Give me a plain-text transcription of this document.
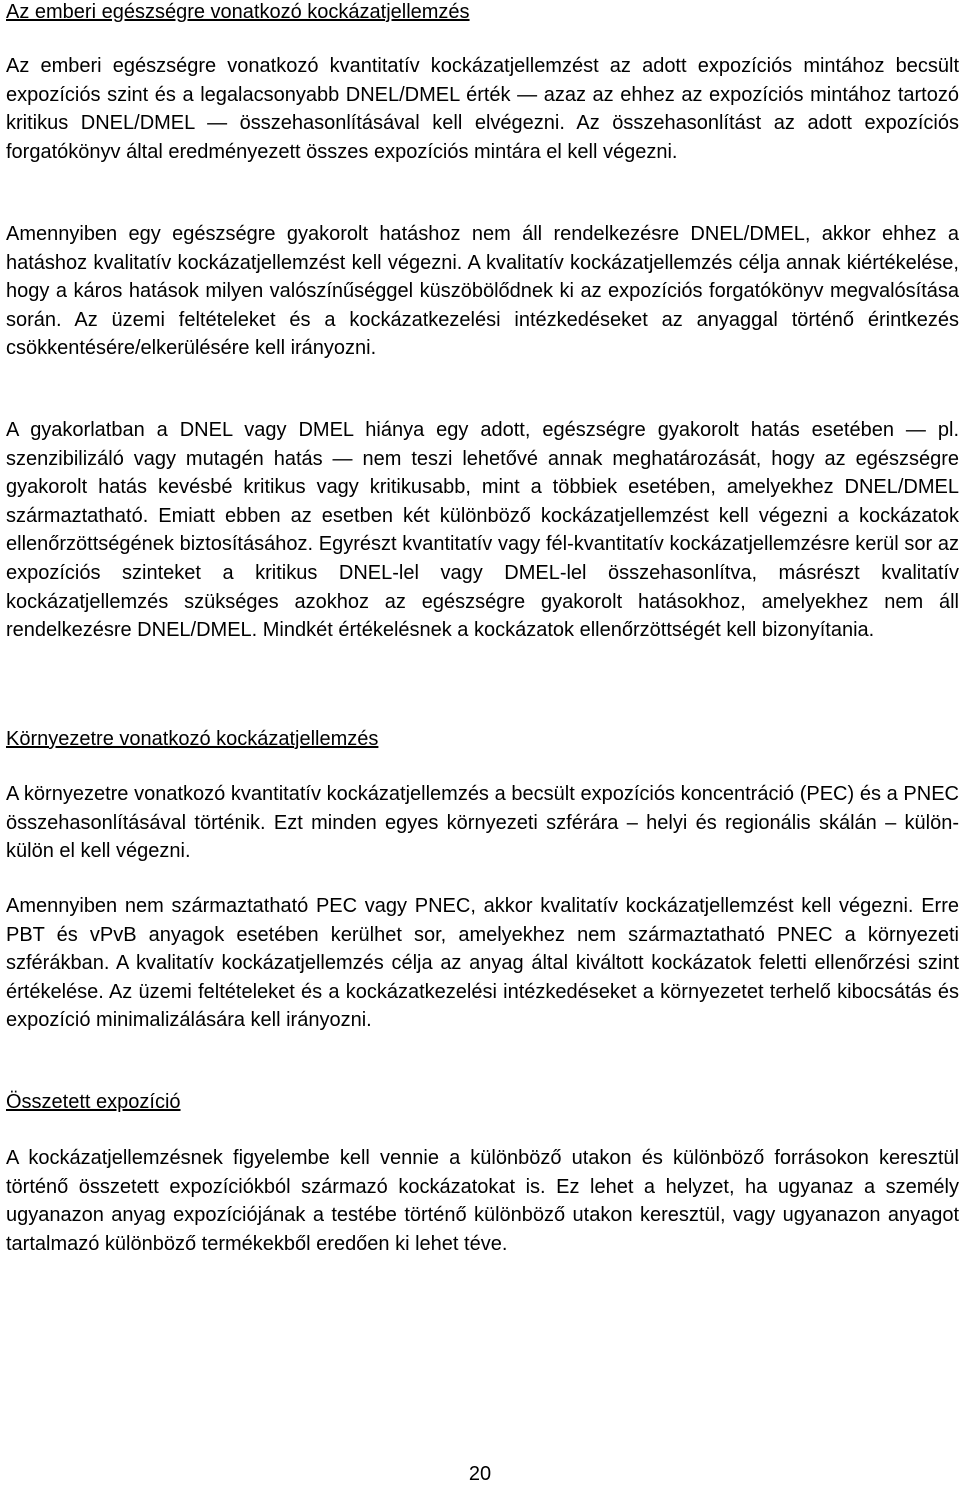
Az emberi egészségre vonatkozó kockázatjellemzés

Az emberi egészségre vonatkozó kvantitatív kockázatjellemzést az adott expozíciós mintához becsült expozíciós szint és a legalacsonyabb DNEL/DMEL érték — azaz az ehhez az expozíciós mintához tartozó kritikus DNEL/DMEL — összehasonlításával kell elvégezni. Az összehasonlítást az adott expozíciós forgatókönyv által eredményezett összes expozíciós mintára el kell végezni.

Amennyiben egy egészségre gyakorolt hatáshoz nem áll rendelkezésre DNEL/DMEL, akkor ehhez a hatáshoz kvalitatív kockázatjellemzést kell végezni. A kvalitatív kockázatjellemzés célja annak kiértékelése, hogy a káros hatások milyen valószínűséggel küszöbölődnek ki az expozíciós forgatókönyv megvalósítása során. Az üzemi feltételeket és a kockázatkezelési intézkedéseket az anyaggal történő érintkezés csökkentésére/elkerülésére kell irányozni.

A gyakorlatban a DNEL vagy DMEL hiánya egy adott, egészségre gyakorolt hatás esetében — pl. szenzibilizáló vagy mutagén hatás — nem teszi lehetővé annak meghatározását, hogy az egészségre gyakorolt hatás kevésbé kritikus vagy kritikusabb, mint a többiek esetében, amelyekhez DNEL/DMEL származtatható. Emiatt ebben az esetben két különböző kockázatjellemzést kell végezni a kockázatok ellenőrzöttségének biztosításához. Egyrészt kvantitatív vagy fél-kvantitatív kockázatjellemzésre kerül sor az expozíciós szinteket a kritikus DNEL-lel vagy DMEL-lel összehasonlítva, másrészt kvalitatív kockázatjellemzés szükséges azokhoz az egészségre gyakorolt hatásokhoz, amelyekhez nem áll rendelkezésre DNEL/DMEL. Mindkét értékelésnek a kockázatok ellenőrzöttségét kell bizonyítania.

Környezetre vonatkozó kockázatjellemzés

A környezetre vonatkozó kvantitatív kockázatjellemzés a becsült expozíciós koncentráció (PEC) és a PNEC összehasonlításával történik. Ezt minden egyes környezeti szférára – helyi és regionális skálán – külön-külön el kell végezni.

Amennyiben nem származtatható PEC vagy PNEC, akkor kvalitatív kockázatjellemzést kell végezni. Erre PBT és vPvB anyagok esetében kerülhet sor, amelyekhez nem származtatható PNEC a környezeti szférákban. A kvalitatív kockázatjellemzés célja az anyag által kiváltott kockázatok feletti ellenőrzési szint értékelése. Az üzemi feltételeket és a kockázatkezelési intézkedéseket a környezetet terhelő kibocsátás és expozíció minimalizálására kell irányozni.

Összetett expozíció

A kockázatjellemzésnek figyelembe kell vennie a különböző utakon és különböző forrásokon keresztül történő összetett expozíciókból származó kockázatokat is. Ez lehet a helyzet, ha ugyanaz a személy ugyanazon anyag expozíciójának a testébe történő különböző utakon keresztül, vagy ugyanazon anyagot tartalmazó különböző termékekből eredően ki lehet téve.

20
